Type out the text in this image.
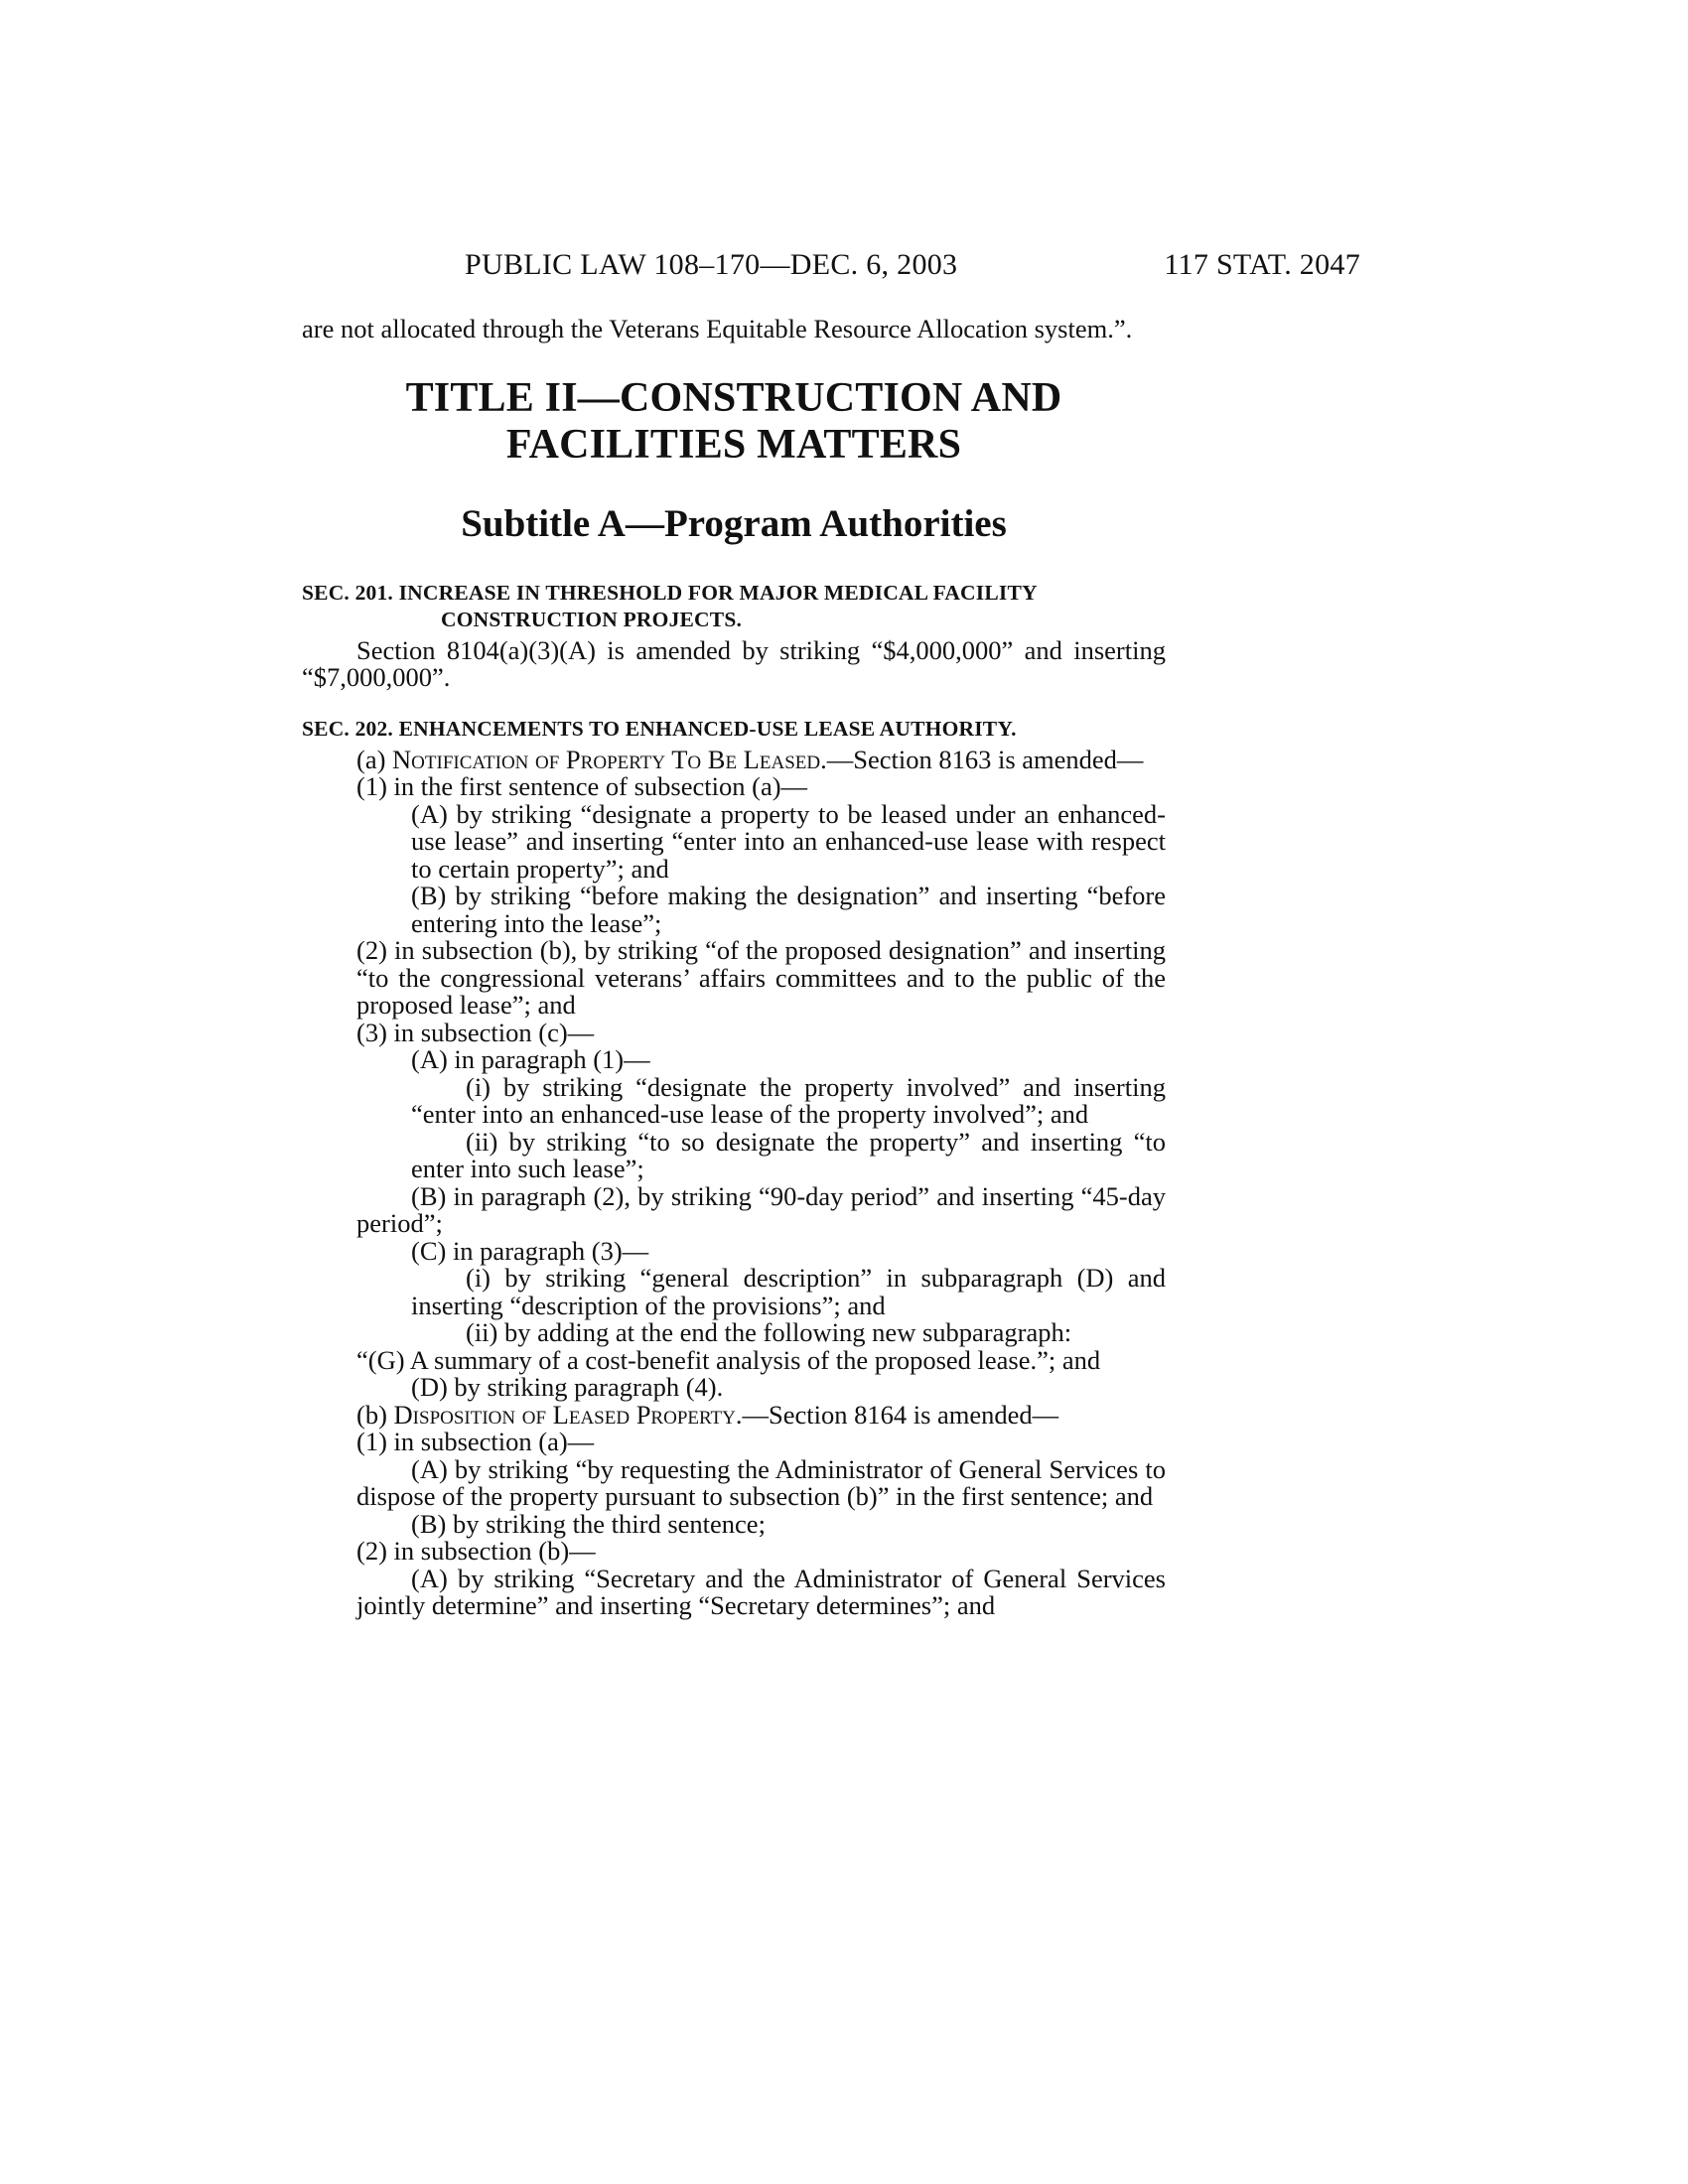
PUBLIC LAW 108–170—DEC. 6, 2003	117 STAT. 2047

are not allocated through the Veterans Equitable Resource Allocation system.”.

TITLE II—CONSTRUCTION AND
FACILITIES MATTERS
Subtitle A—Program Authorities

SEC. 201. INCREASE IN THRESHOLD FOR MAJOR MEDICAL FACILITY CONSTRUCTION PROJECTS.

Section 8104(a)(3)(A) is amended by striking “$4,000,000” and inserting “$7,000,000”.

SEC. 202. ENHANCEMENTS TO ENHANCED-USE LEASE AUTHORITY.

(a) Notification of Property To Be Leased.—Section 8163 is amended—

(1) in the first sentence of subsection (a)—

(A) by striking “designate a property to be leased under an enhanced-use lease” and inserting “enter into an enhanced-use lease with respect to certain property”; and

(B) by striking “before making the designation” and inserting “before entering into the lease”;

(2) in subsection (b), by striking “of the proposed designation” and inserting “to the congressional veterans’ affairs committees and to the public of the proposed lease”; and

(3) in subsection (c)—

(A) in paragraph (1)—

(i) by striking “designate the property involved” and inserting “enter into an enhanced-use lease of the property involved”; and

(ii) by striking “to so designate the property” and inserting “to enter into such lease”;

(B) in paragraph (2), by striking “90-day period” and inserting “45-day period”;

(C) in paragraph (3)—

(i) by striking “general description” in subparagraph (D) and inserting “description of the provisions”; and

(ii) by adding at the end the following new subparagraph:

“(G) A summary of a cost-benefit analysis of the proposed lease.”; and

(D) by striking paragraph (4).

(b) Disposition of Leased Property.—Section 8164 is amended—

(1) in subsection (a)—

(A) by striking “by requesting the Administrator of General Services to dispose of the property pursuant to subsection (b)” in the first sentence; and

(B) by striking the third sentence;

(2) in subsection (b)—

(A) by striking “Secretary and the Administrator of General Services jointly determine” and inserting “Secretary determines”; and
